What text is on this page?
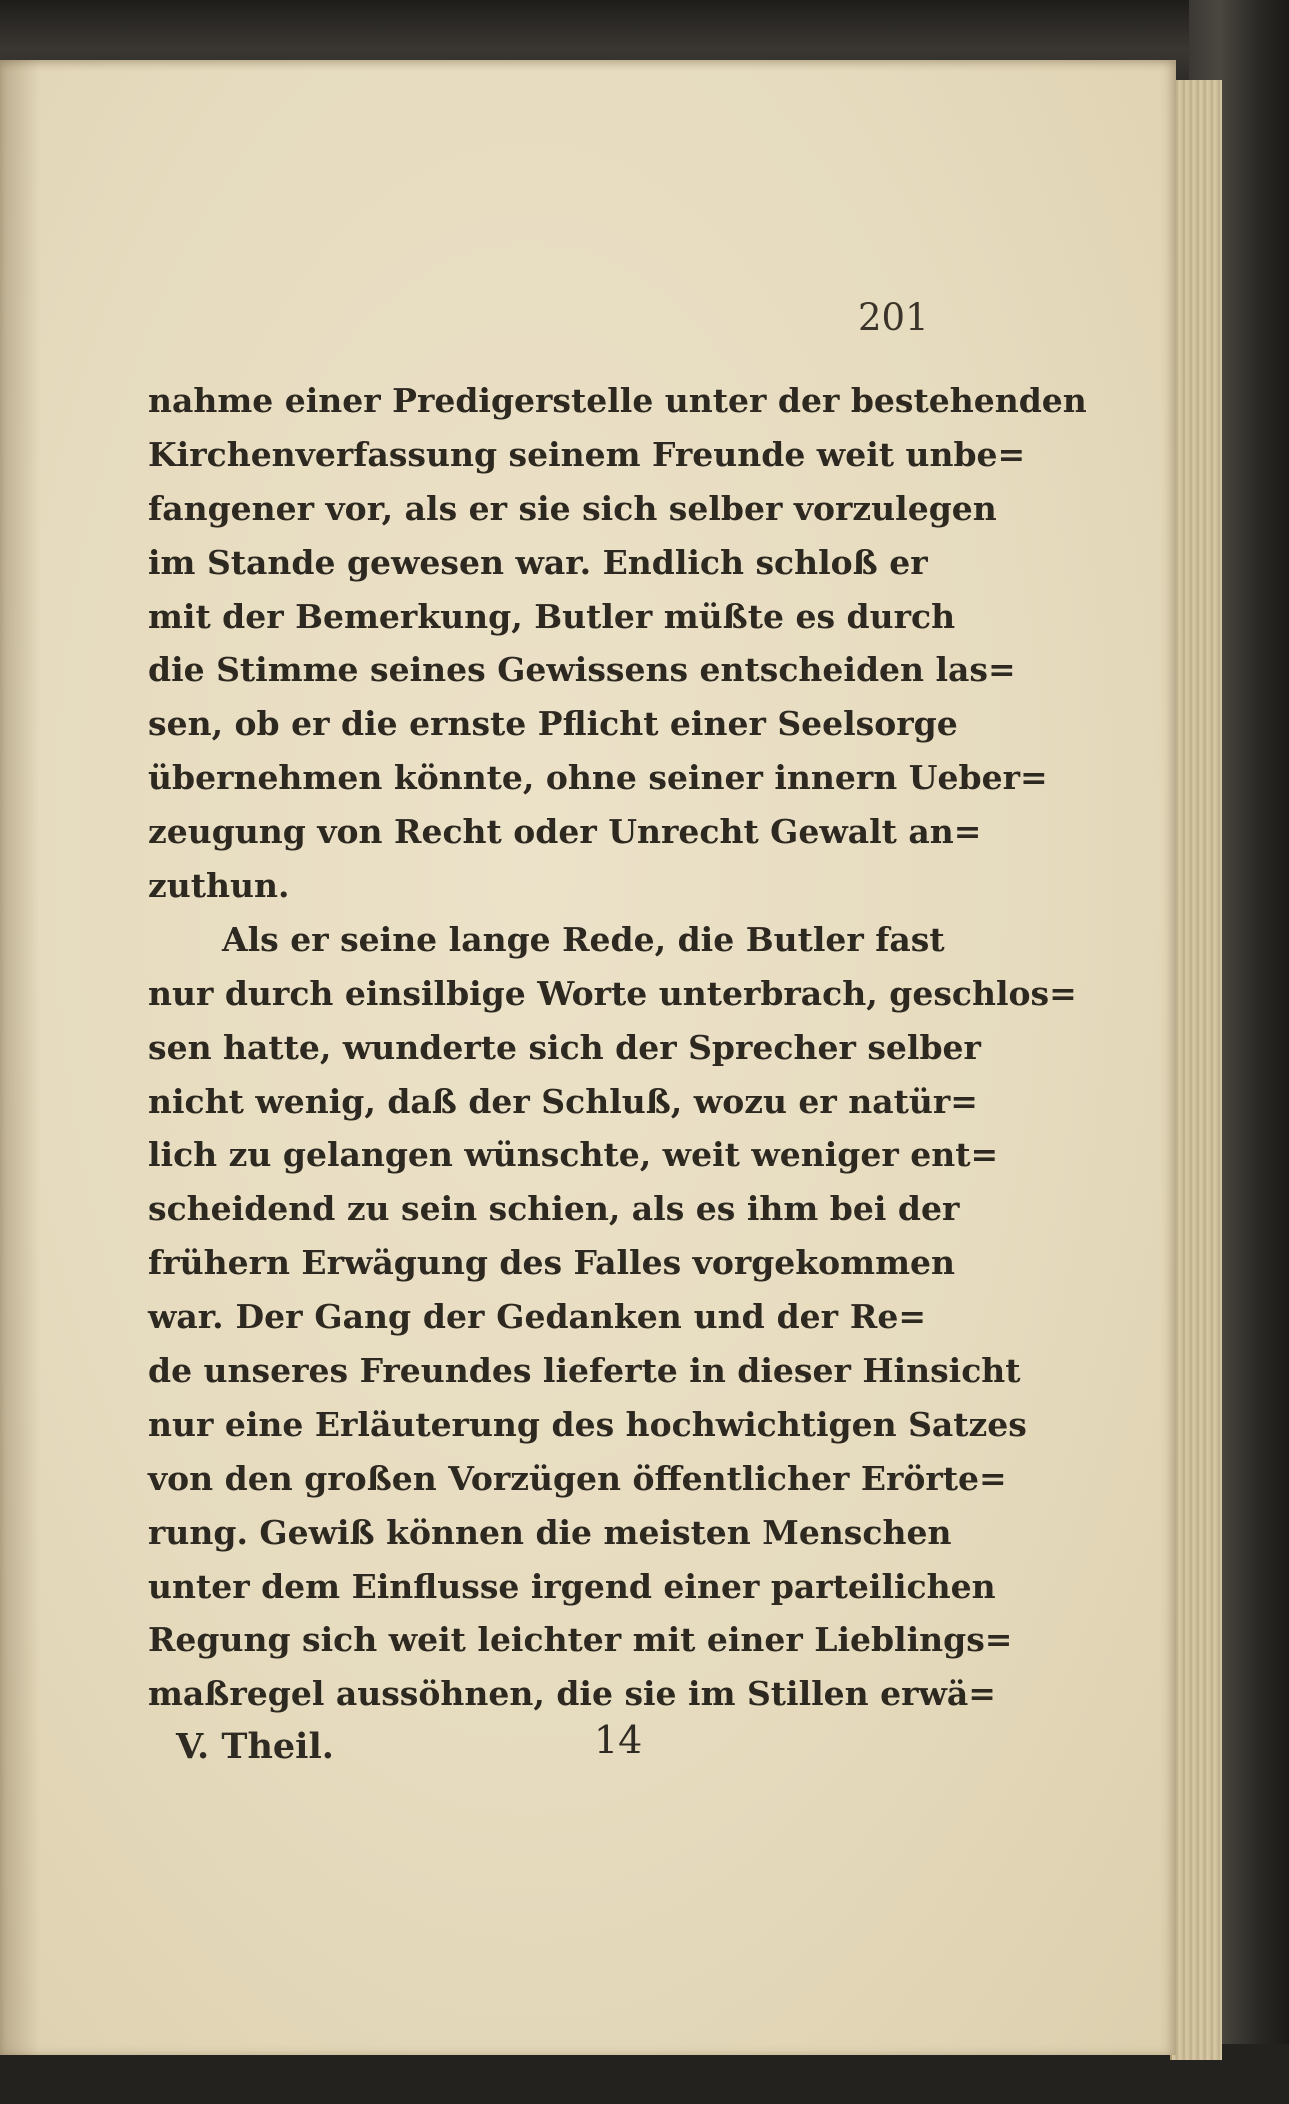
201
nahme einer Predigerstelle unter der bestehenden
Kirchenverfassung seinem Freunde weit unbe=
fangener vor, als er sie sich selber vorzulegen
im Stande gewesen war. Endlich schloß er
mit der Bemerkung, Butler müßte es durch
die Stimme seines Gewissens entscheiden las=
sen, ob er die ernste Pflicht einer Seelsorge
übernehmen könnte, ohne seiner innern Ueber=
zeugung von Recht oder Unrecht Gewalt an=
zuthun.
Als er seine lange Rede, die Butler fast
nur durch einsilbige Worte unterbrach, geschlos=
sen hatte, wunderte sich der Sprecher selber
nicht wenig, daß der Schluß, wozu er natür=
lich zu gelangen wünschte, weit weniger ent=
scheidend zu sein schien, als es ihm bei der
frühern Erwägung des Falles vorgekommen
war. Der Gang der Gedanken und der Re=
de unseres Freundes lieferte in dieser Hinsicht
nur eine Erläuterung des hochwichtigen Satzes
von den großen Vorzügen öffentlicher Erörte=
rung. Gewiß können die meisten Menschen
unter dem Einflusse irgend einer parteilichen
Regung sich weit leichter mit einer Lieblings=
maßregel aussöhnen, die sie im Stillen erwä=
V. Theil.	14
